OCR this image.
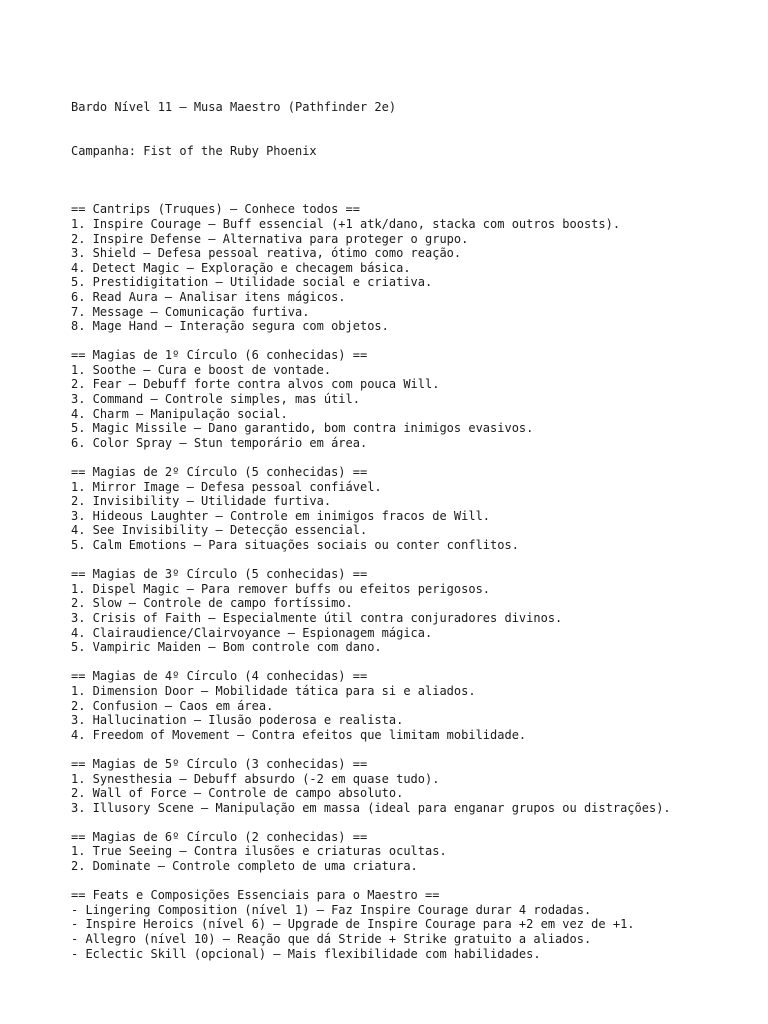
Bardo Nível 11 – Musa Maestro (Pathfinder 2e)

Campanha: Fist of the Ruby Phoenix

== Cantrips (Truques) – Conhece todos ==
1. Inspire Courage – Buff essencial (+1 atk/dano, stacka com outros boosts).
2. Inspire Defense – Alternativa para proteger o grupo.
3. Shield – Defesa pessoal reativa, ótimo como reação.
4. Detect Magic – Exploração e checagem básica.
5. Prestidigitation – Utilidade social e criativa.
6. Read Aura – Analisar itens mágicos.
7. Message – Comunicação furtiva.
8. Mage Hand – Interação segura com objetos.
== Magias de 1º Círculo (6 conhecidas) ==
1. Soothe – Cura e boost de vontade.
2. Fear – Debuff forte contra alvos com pouca Will.
3. Command – Controle simples, mas útil.
4. Charm – Manipulação social.
5. Magic Missile – Dano garantido, bom contra inimigos evasivos.
6. Color Spray – Stun temporário em área.
== Magias de 2º Círculo (5 conhecidas) ==
1. Mirror Image – Defesa pessoal confiável.
2. Invisibility – Utilidade furtiva.
3. Hideous Laughter – Controle em inimigos fracos de Will.
4. See Invisibility – Detecção essencial.
5. Calm Emotions – Para situações sociais ou conter conflitos.
== Magias de 3º Círculo (5 conhecidas) ==
1. Dispel Magic – Para remover buffs ou efeitos perigosos.
2. Slow – Controle de campo fortíssimo.
3. Crisis of Faith – Especialmente útil contra conjuradores divinos.
4. Clairaudience/Clairvoyance – Espionagem mágica.
5. Vampiric Maiden – Bom controle com dano.
== Magias de 4º Círculo (4 conhecidas) ==
1. Dimension Door – Mobilidade tática para si e aliados.
2. Confusion – Caos em área.
3. Hallucination – Ilusão poderosa e realista.
4. Freedom of Movement – Contra efeitos que limitam mobilidade.
== Magias de 5º Círculo (3 conhecidas) ==
1. Synesthesia – Debuff absurdo (-2 em quase tudo).
2. Wall of Force – Controle de campo absoluto.
3. Illusory Scene – Manipulação em massa (ideal para enganar grupos ou distrações).
== Magias de 6º Círculo (2 conhecidas) ==
1. True Seeing – Contra ilusões e criaturas ocultas.
2. Dominate – Controle completo de uma criatura.
== Feats e Composições Essenciais para o Maestro ==
- Lingering Composition (nível 1) – Faz Inspire Courage durar 4 rodadas.
- Inspire Heroics (nível 6) – Upgrade de Inspire Courage para +2 em vez de +1.
- Allegro (nível 10) – Reação que dá Stride + Strike gratuito a aliados.
- Eclectic Skill (opcional) – Mais flexibilidade com habilidades.
